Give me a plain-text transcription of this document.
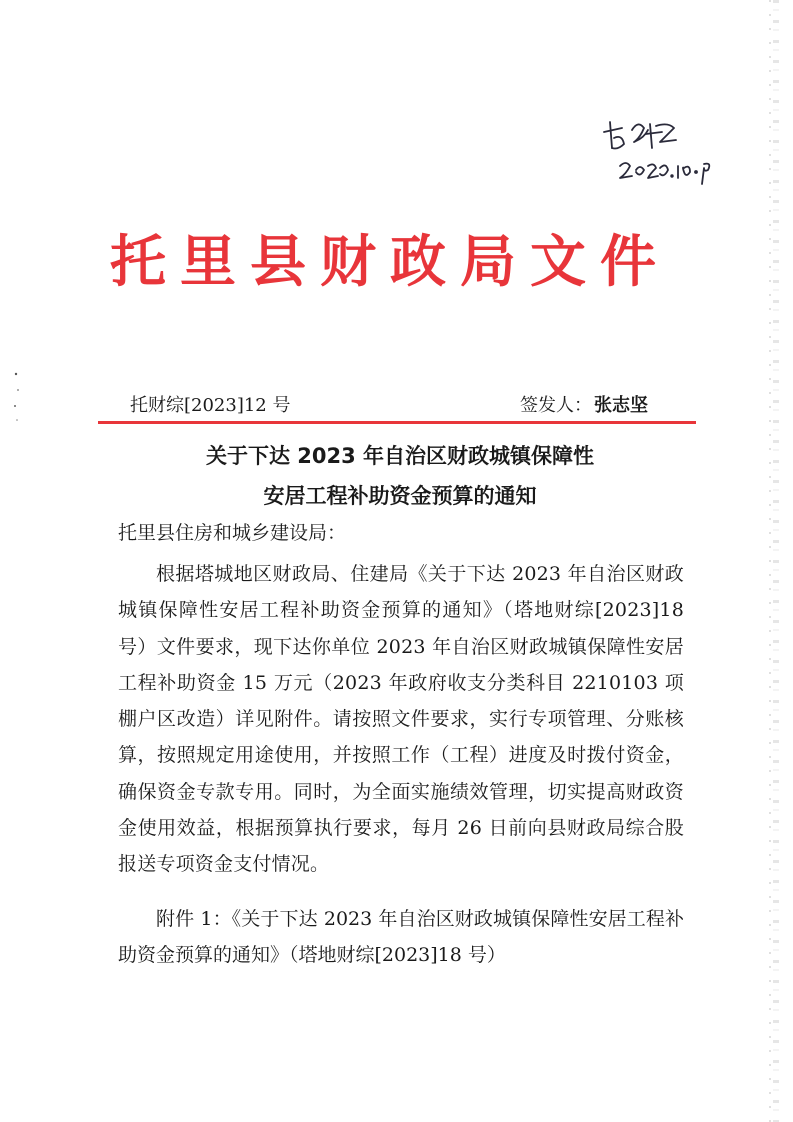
托里县财政局文件
托财综[2023]12 号	签发人： 张志坚
关于下达 2023 年自治区财政城镇保障性
安居工程补助资金预算的通知
托里县住房和城乡建设局：

根据塔城地区财政局、住建局《关于下达 2023 年自治区财政城镇保障性安居工程补助资金预算的通知》（塔地财综[2023]18 号）文件要求，现下达你单位 2023 年自治区财政城镇保障性安居工程补助资金 15 万元（2023 年政府收支分类科目 2210103 项棚户区改造）详见附件。请按照文件要求，实行专项管理、分账核算，按照规定用途使用，并按照工作（工程）进度及时拨付资金，确保资金专款专用。同时，为全面实施绩效管理，切实提高财政资金使用效益，根据预算执行要求，每月 26 日前向县财政局综合股报送专项资金支付情况。

附件 1：《关于下达 2023 年自治区财政城镇保障性安居工程补助资金预算的通知》（塔地财综[2023]18 号）
